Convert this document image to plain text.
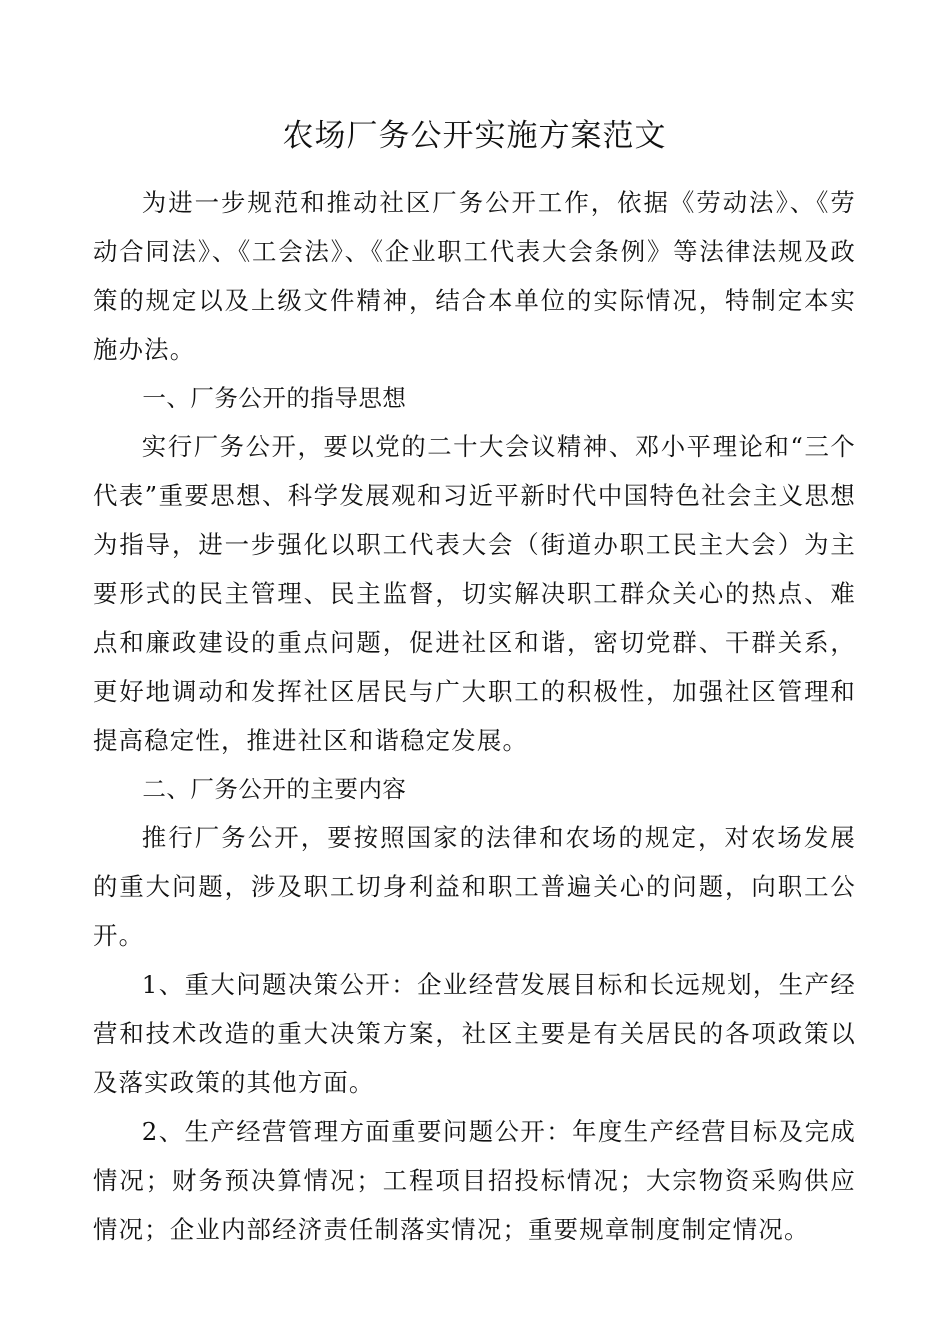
农场厂务公开实施方案范文

为进一步规范和推动社区厂务公开工作，依据《劳动法》、《劳动合同法》、《工会法》、《企业职工代表大会条例》等法律法规及政策的规定以及上级文件精神，结合本单位的实际情况，特制定本实施办法。

一、厂务公开的指导思想

实行厂务公开，要以党的二十大会议精神、邓小平理论和“三个代表”重要思想、科学发展观和习近平新时代中国特色社会主义思想为指导，进一步强化以职工代表大会（街道办职工民主大会）为主要形式的民主管理、民主监督，切实解决职工群众关心的热点、难点和廉政建设的重点问题，促进社区和谐，密切党群、干群关系，更好地调动和发挥社区居民与广大职工的积极性，加强社区管理和提高稳定性，推进社区和谐稳定发展。

二、厂务公开的主要内容

推行厂务公开，要按照国家的法律和农场的规定，对农场发展的重大问题，涉及职工切身利益和职工普遍关心的问题，向职工公开。

1、重大问题决策公开：企业经营发展目标和长远规划，生产经营和技术改造的重大决策方案，社区主要是有关居民的各项政策以及落实政策的其他方面。

2、生产经营管理方面重要问题公开：年度生产经营目标及完成情况；财务预决算情况；工程项目招投标情况；大宗物资采购供应情况；企业内部经济责任制落实情况；重要规章制度制定情况。
